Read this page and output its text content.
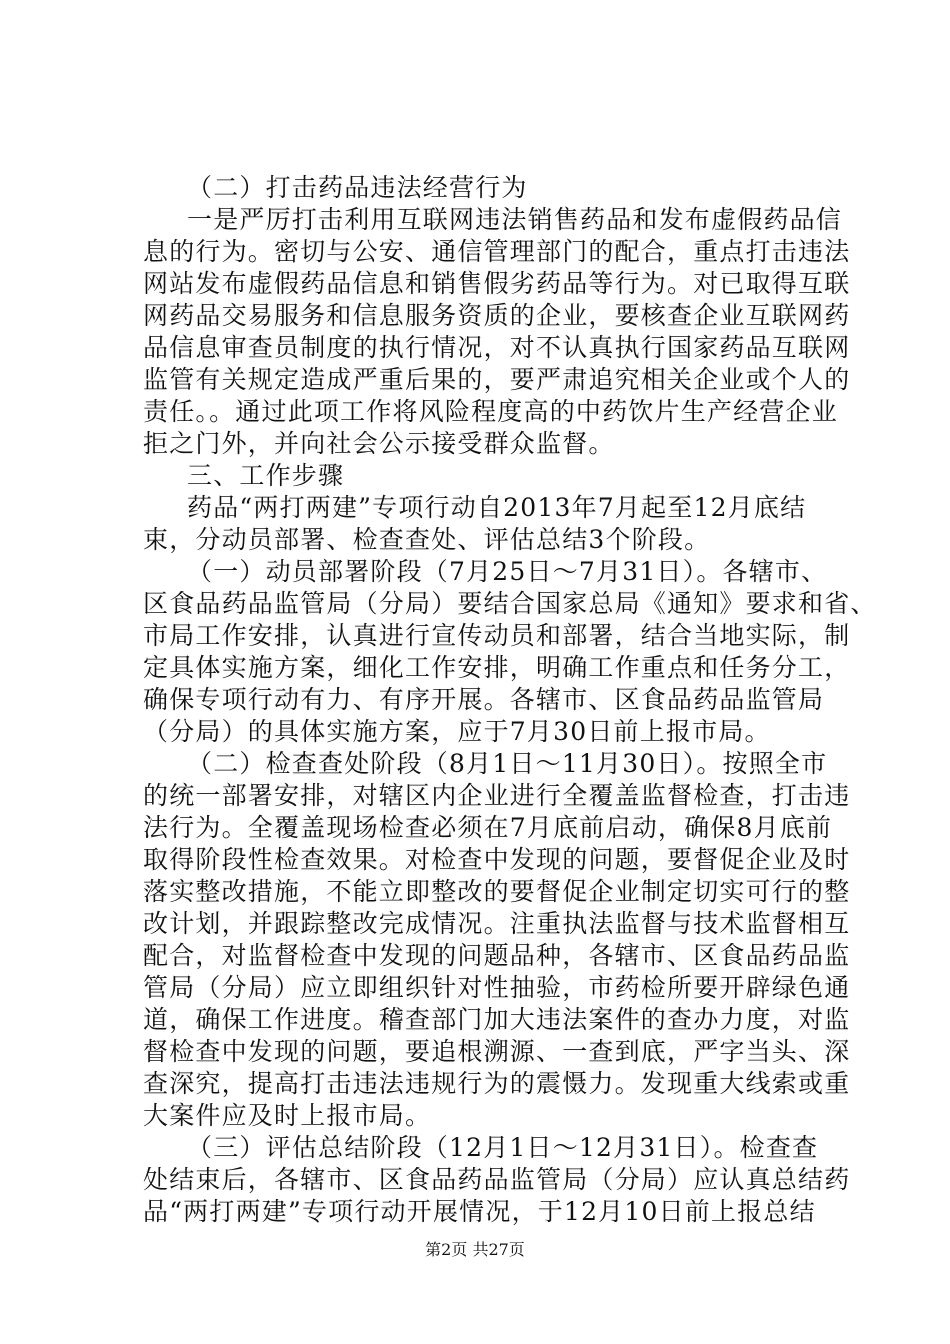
（二）打击药品违法经营行为
一是严厉打击利用互联网违法销售药品和发布虚假药品信
息的行为。密切与公安、通信管理部门的配合，重点打击违法
网站发布虚假药品信息和销售假劣药品等行为。对已取得互联
网药品交易服务和信息服务资质的企业，要核查企业互联网药
品信息审查员制度的执行情况，对不认真执行国家药品互联网
监管有关规定造成严重后果的，要严肃追究相关企业或个人的
责任。。通过此项工作将风险程度高的中药饮片生产经营企业
拒之门外，并向社会公示接受群众监督。
三、工作步骤
药品“两打两建”专项行动自2013年7月起至12月底结
束，分动员部署、检查查处、评估总结3个阶段。
（一）动员部署阶段（7月25日～7月31日）。各辖市、
区食品药品监管局（分局）要结合国家总局《通知》要求和省、
市局工作安排，认真进行宣传动员和部署，结合当地实际，制
定具体实施方案，细化工作安排，明确工作重点和任务分工，
确保专项行动有力、有序开展。各辖市、区食品药品监管局
（分局）的具体实施方案，应于7月30日前上报市局。
（二）检查查处阶段（8月1日～11月30日）。按照全市
的统一部署安排，对辖区内企业进行全覆盖监督检查，打击违
法行为。全覆盖现场检查必须在7月底前启动，确保8月底前
取得阶段性检查效果。对检查中发现的问题，要督促企业及时
落实整改措施，不能立即整改的要督促企业制定切实可行的整
改计划，并跟踪整改完成情况。注重执法监督与技术监督相互
配合，对监督检查中发现的问题品种，各辖市、区食品药品监
管局（分局）应立即组织针对性抽验，市药检所要开辟绿色通
道，确保工作进度。稽查部门加大违法案件的查办力度，对监
督检查中发现的问题，要追根溯源、一查到底，严字当头、深
查深究，提高打击违法违规行为的震慑力。发现重大线索或重
大案件应及时上报市局。
（三）评估总结阶段（12月1日～12月31日）。检查查
处结束后，各辖市、区食品药品监管局（分局）应认真总结药
品“两打两建”专项行动开展情况，于12月10日前上报总结
第2页 共27页
